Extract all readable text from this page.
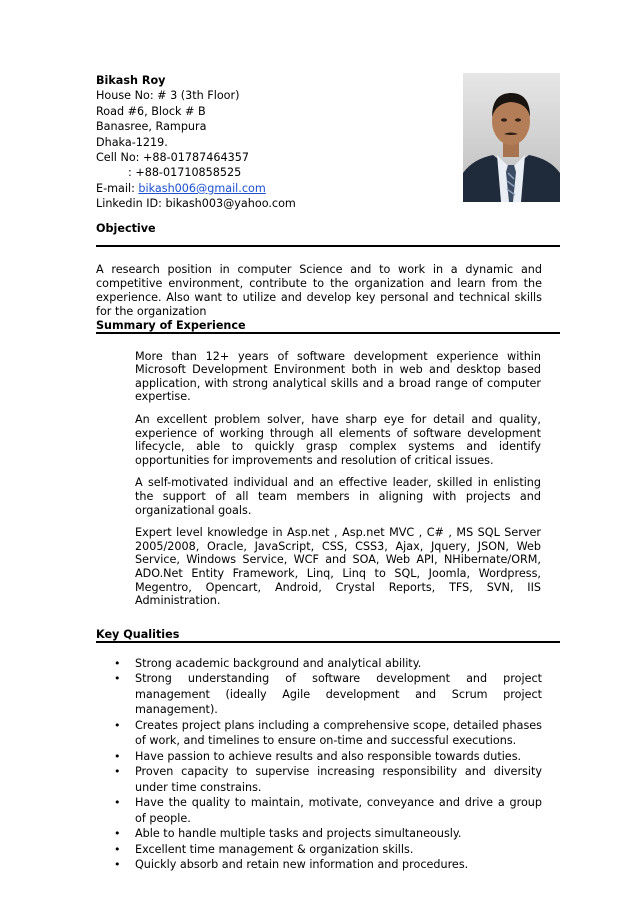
Bikash Roy
House No: # 3 (3th Floor)
Road #6, Block # B
Banasree, Rampura
Dhaka-1219.
Cell No: +88-01787464357
: +88-01710858525
E-mail: bikash006@gmail.com
Linkedin ID: bikash003@yahoo.com
Objective
A research position in computer Science and to work in a dynamic and competitive environment, contribute to the organization and learn from the experience. Also want to utilize and develop key personal and technical skills for the organization
Summary of Experience

More than 12+ years of software development experience within Microsoft Development Environment both in web and desktop based application, with strong analytical skills and a broad range of computer expertise.

An excellent problem solver, have sharp eye for detail and quality, experience of working through all elements of software development lifecycle, able to quickly grasp complex systems and identify opportunities for improvements and resolution of critical issues.

A self-motivated individual and an effective leader, skilled in enlisting the support of all team members in aligning with projects and organizational goals.

Expert level knowledge in Asp.net , Asp.net MVC , C# , MS SQL Server 2005/2008, Oracle, JavaScript, CSS, CSS3, Ajax, Jquery, JSON, Web Service, Windows Service, WCF and SOA, Web API, NHibernate/ORM, ADO.Net Entity Framework, Linq, Linq to SQL, Joomla, Wordpress, Megentro, Opencart, Android, Crystal Reports, TFS, SVN, IIS Administration.

Key Qualities
• Strong academic background and analytical ability.
• Strong understanding of software development and project management (ideally Agile development and Scrum project management).
• Creates project plans including a comprehensive scope, detailed phases of work, and timelines to ensure on-time and successful executions.
• Have passion to achieve results and also responsible towards duties.
• Proven capacity to supervise increasing responsibility and diversity under time constrains.
• Have the quality to maintain, motivate, conveyance and drive a group of people.
• Able to handle multiple tasks and projects simultaneously.
• Excellent time management & organization skills.
• Quickly absorb and retain new information and procedures.
